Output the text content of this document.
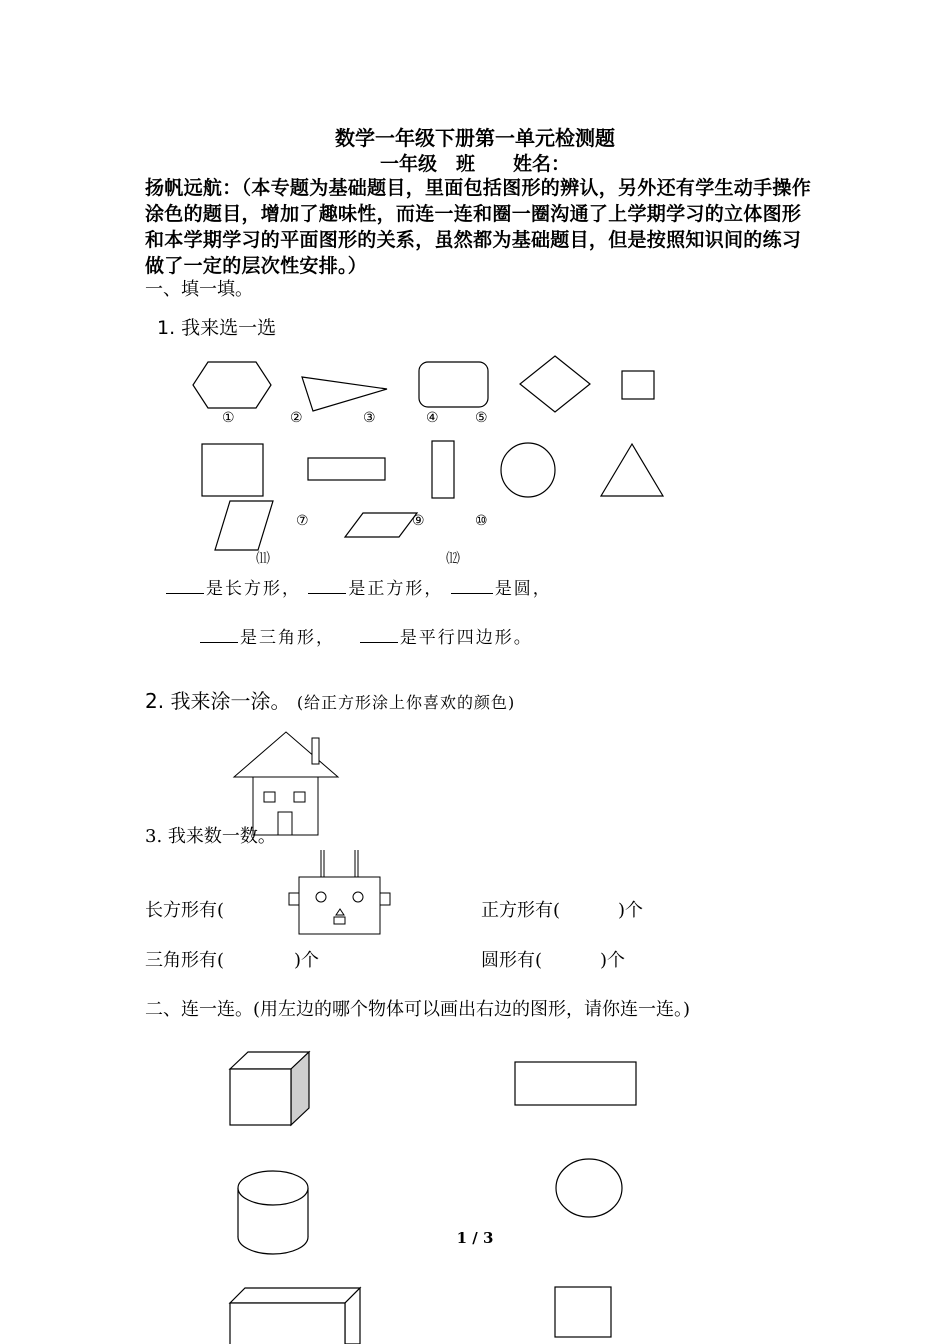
数学一年级下册第一单元检测题
一年级　班　　姓名：
扬帆远航：（本专题为基础题目，里面包括图形的辨认，另外还有学生动手操作涂色的题目，增加了趣味性，而连一连和圈一圈沟通了上学期学习的立体图形和本学期学习的平面图形的关系，虽然都为基础题目，但是按照知识间的练习做了一定的层次性安排。）
一、填一填。
1. 我来选一选
①	②	③	④	⑤
⑦	⑨	⑩
⑾	⑿
是长方形，	是正方形，	是圆，
是三角形，	是平行四边形。
2. 我来涂一涂。 (给正方形涂上你喜欢的颜色)
3. 我来数一数。
长方形有(	正方形有(	)个
三角形有(	)个	圆形有(	)个
二、连一连。(用左边的哪个物体可以画出右边的图形，请你连一连。)
1 / 3
